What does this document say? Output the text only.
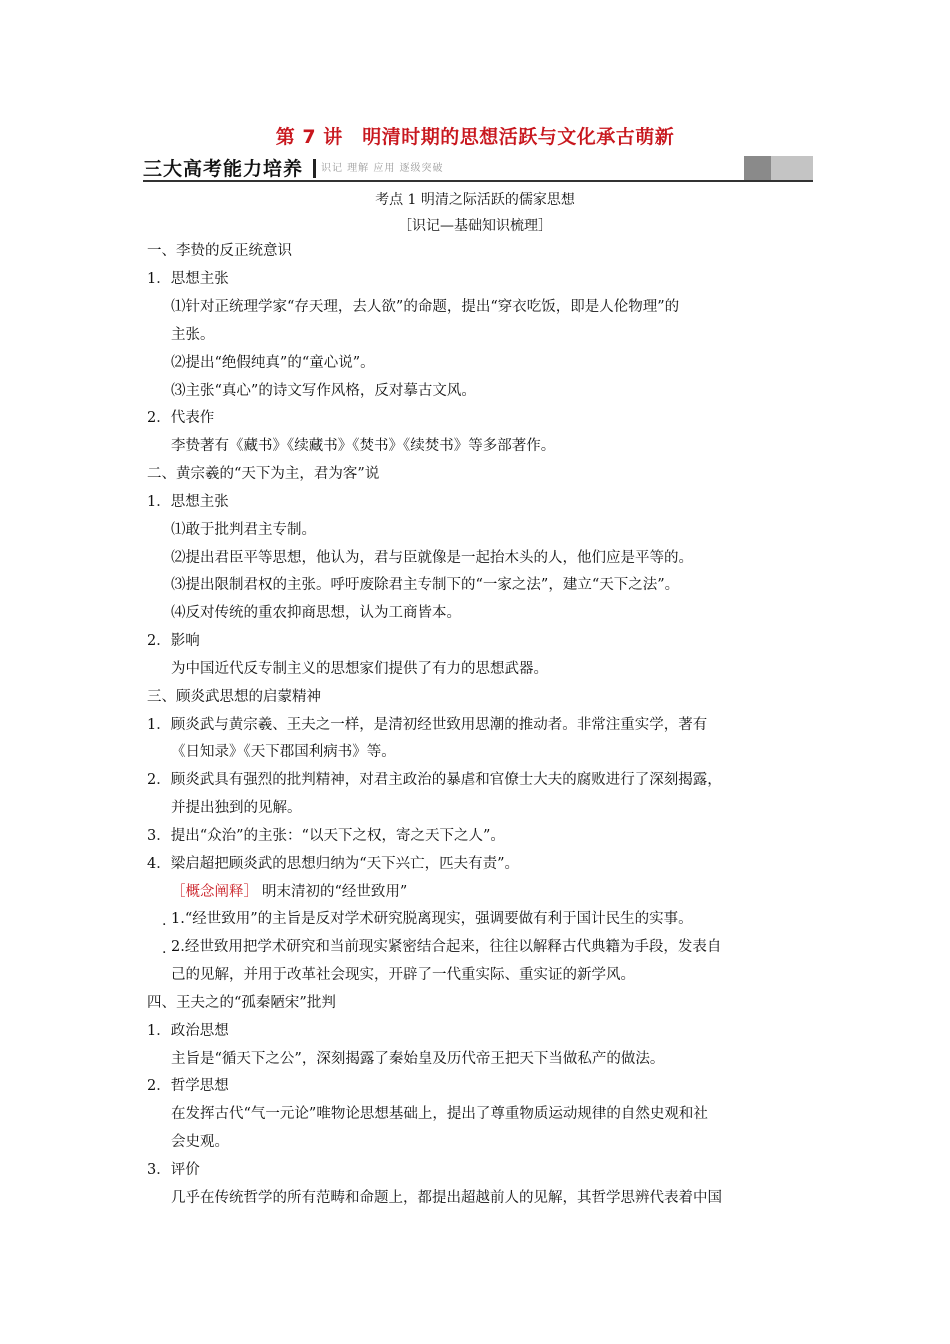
第 7 讲　明清时期的思想活跃与文化承古萌新
三大高考能力培养 识记 理解 应用 逐级突破
考点 1 明清之际活跃的儒家思想
［识记—基础知识梳理］
一、李贽的反正统意识
1．思想主张
⑴针对正统理学家“存天理，去人欲”的命题，提出“穿衣吃饭，即是人伦物理”的
主张。
⑵提出“绝假纯真”的“童心说”。
⑶主张“真心”的诗文写作风格，反对摹古文风。
2．代表作
李贽著有《藏书》《续藏书》《焚书》《续焚书》等多部著作。
二、黄宗羲的“天下为主，君为客”说
1．思想主张
⑴敢于批判君主专制。
⑵提出君臣平等思想，他认为，君与臣就像是一起抬木头的人，他们应是平等的。
⑶提出限制君权的主张。呼吁废除君主专制下的“一家之法”，建立“天下之法”。
⑷反对传统的重农抑商思想，认为工商皆本。
2．影响
为中国近代反专制主义的思想家们提供了有力的思想武器。
三、顾炎武思想的启蒙精神
1．顾炎武与黄宗羲、王夫之一样，是清初经世致用思潮的推动者。非常注重实学，著有
《日知录》《天下郡国利病书》等。
2．顾炎武具有强烈的批判精神，对君主政治的暴虐和官僚士大夫的腐败进行了深刻揭露，
并提出独到的见解。
3．提出“众治”的主张：“以天下之权，寄之天下之人”。
4．梁启超把顾炎武的思想归纳为“天下兴亡，匹夫有责”。
［概念阐释］ 明末清初的“经世致用”
. 1.“经世致用”的主旨是反对学术研究脱离现实，强调要做有利于国计民生的实事。
. 2.经世致用把学术研究和当前现实紧密结合起来，往往以解释古代典籍为手段，发表自
己的见解，并用于改革社会现实，开辟了一代重实际、重实证的新学风。
四、王夫之的“孤秦陋宋”批判
1．政治思想
主旨是“循天下之公”，深刻揭露了秦始皇及历代帝王把天下当做私产的做法。
2．哲学思想
在发挥古代“气一元论”唯物论思想基础上，提出了尊重物质运动规律的自然史观和社
会史观。
3．评价
几乎在传统哲学的所有范畴和命题上，都提出超越前人的见解，其哲学思辨代表着中国
